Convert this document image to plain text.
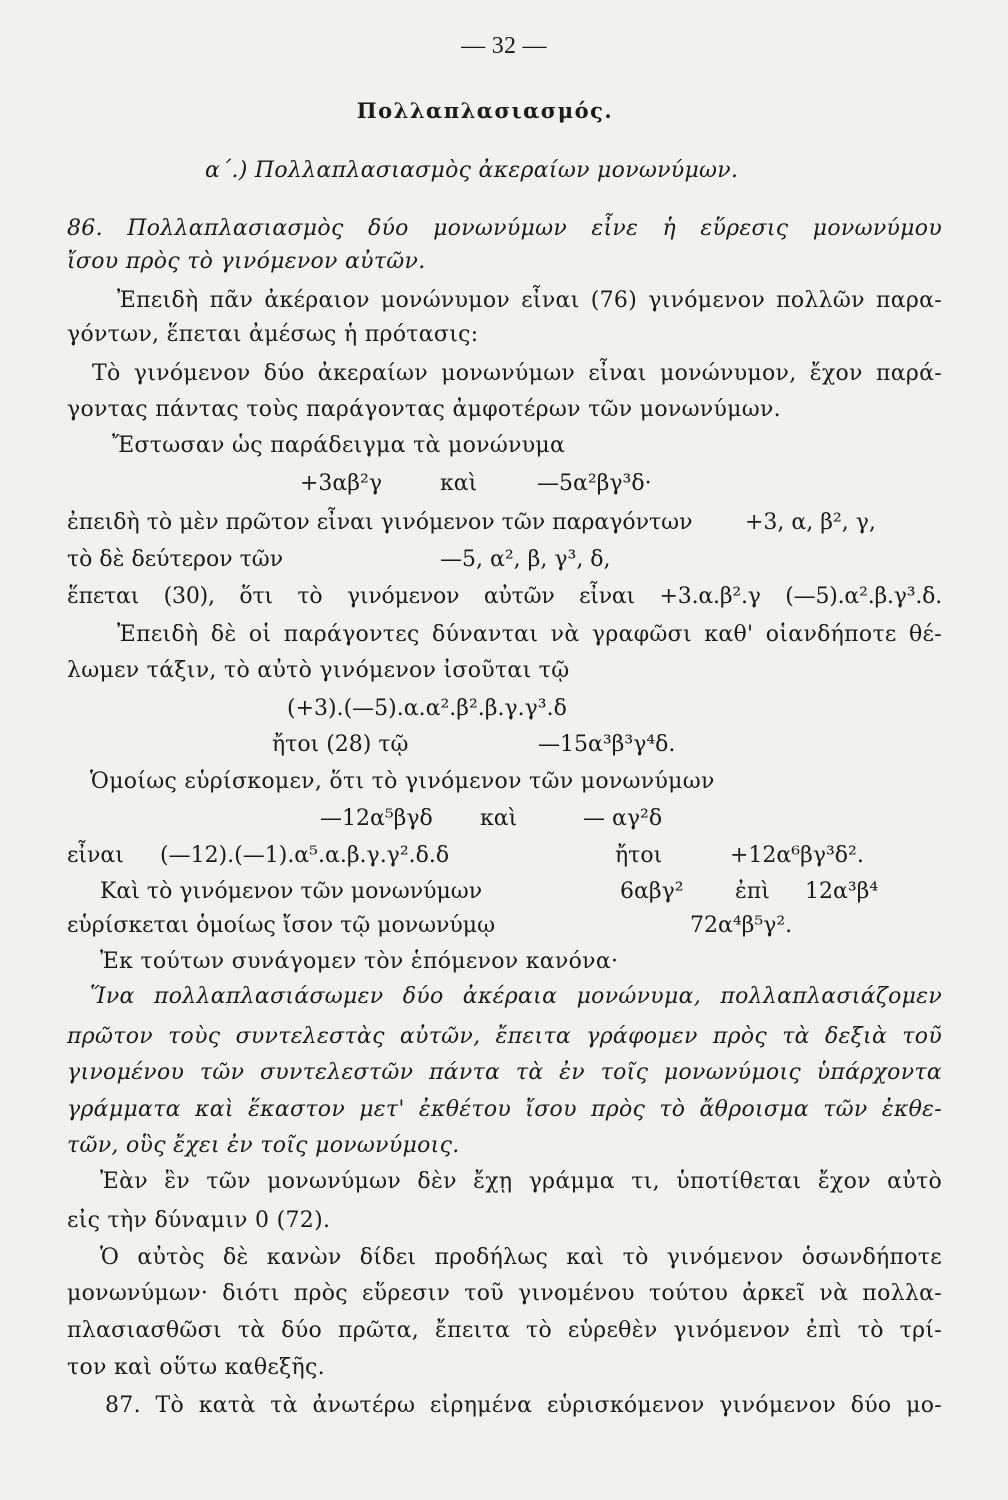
— 32 —
Πολλαπλασιασμός.
α΄.) Πολλαπλασιασμὸς ἀκεραίων μονωνύμων.
86. Πολλαπλασιασμὸς δύο μονωνύμων εἶνε ἡ εὕρεσις μονωνύμου
ἴσου πρὸς τὸ γινόμενον αὐτῶν.
Ἐπειδὴ πᾶν ἀκέραιον μονώνυμον εἶναι (76) γινόμενον πολλῶν παρα-
γόντων, ἕπεται ἀμέσως ἡ πρότασις:
Τὸ γινόμενον δύο ἀκεραίων μονωνύμων εἶναι μονώνυμον, ἔχον παρά-
γοντας πάντας τοὺς παράγοντας ἀμφοτέρων τῶν μονωνύμων.
Ἔστωσαν ὡς παράδειγμα τὰ μονώνυμα
+3αβ²γ	καὶ	—5α²βγ³δ·
ἐπειδὴ τὸ μὲν πρῶτον εἶναι γινόμενον τῶν παραγόντων +3, α, β², γ,
τὸ δὲ δεύτερον τῶν	—5, α², β, γ³, δ,
ἕπεται (30), ὅτι τὸ γινόμενον αὐτῶν εἶναι +3.α.β².γ (—5).α².β.γ³.δ.
Ἐπειδὴ δὲ οἱ παράγοντες δύνανται νὰ γραφῶσι καθ' οἱανδήποτε θέ-
λωμεν τάξιν, τὸ αὐτὸ γινόμενον ἰσοῦται τῷ
(+3).(—5).α.α².β².β.γ.γ³.δ
ἤτοι (28) τῷ	—15α³β³γ⁴δ.
Ὁμοίως εὑρίσκομεν, ὅτι τὸ γινόμενον τῶν μονωνύμων
—12α⁵βγδ καὶ	— αγ²δ
εἶναι (—12).(—1).α⁵.α.β.γ.γ².δ.δ	ἤτοι	+12α⁶βγ³δ².
Καὶ τὸ γινόμενον τῶν μονωνύμων	6αβγ² ἐπὶ 12α³β⁴
εὑρίσκεται ὁμοίως ἴσον τῷ μονωνύμῳ	72α⁴β⁵γ².
Ἐκ τούτων συνάγομεν τὸν ἑπόμενον κανόνα·
Ἵνα πολλαπλασιάσωμεν δύο ἀκέραια μονώνυμα, πολλαπλασιάζομεν
πρῶτον τοὺς συντελεστὰς αὐτῶν, ἔπειτα γράφομεν πρὸς τὰ δεξιὰ τοῦ
γινομένου τῶν συντελεστῶν πάντα τὰ ἐν τοῖς μονωνύμοις ὑπάρχοντα
γράμματα καὶ ἕκαστον μετ' ἐκθέτου ἴσου πρὸς τὸ ἄθροισμα τῶν ἐκθε-
τῶν, οὓς ἔχει ἐν τοῖς μονωνύμοις.
Ἐὰν ἓν τῶν μονωνύμων δὲν ἔχῃ γράμμα τι, ὑποτίθεται ἔχον αὐτὸ
εἰς τὴν δύναμιν 0 (72).
Ὁ αὐτὸς δὲ κανὼν δίδει προδήλως καὶ τὸ γινόμενον ὁσωνδήποτε
μονωνύμων· διότι πρὸς εὕρεσιν τοῦ γινομένου τούτου ἀρκεῖ νὰ πολλα-
πλασιασθῶσι τὰ δύο πρῶτα, ἔπειτα τὸ εὑρεθὲν γινόμενον ἐπὶ τὸ τρί-
τον καὶ οὕτω καθεξῆς.
87. Τὸ κατὰ τὰ ἀνωτέρω εἰρημένα εὑρισκόμενον γινόμενον δύο μο-
